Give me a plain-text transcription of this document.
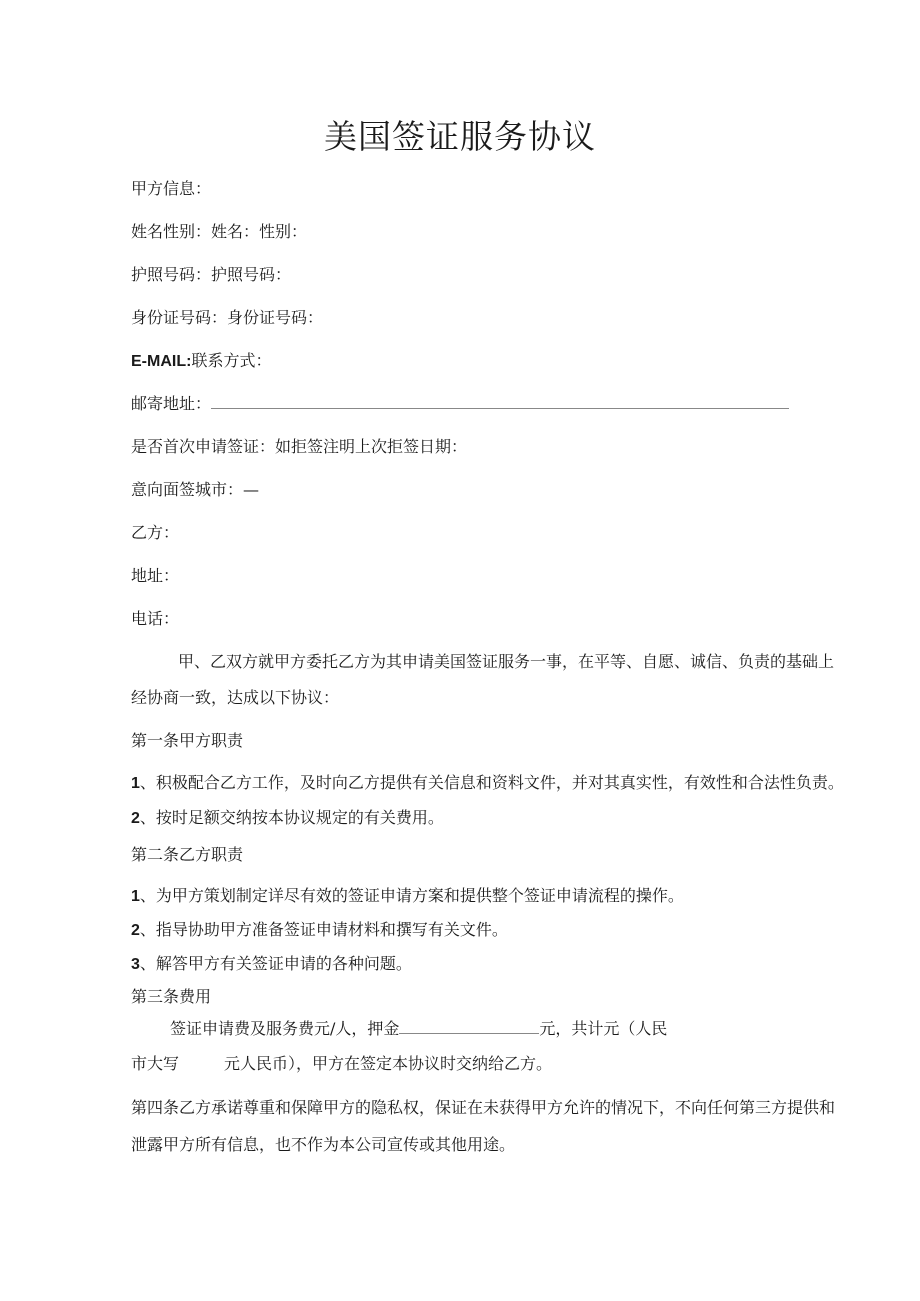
美国签证服务协议
甲方信息：
姓名性别：姓名：性别：
护照号码：护照号码：
身份证号码：身份证号码：
E-MAIL:联系方式：
邮寄地址：
是否首次申请签证：如拒签注明上次拒签日期：
意向面签城市：—
乙方：
地址：
电话：
甲、乙双方就甲方委托乙方为其申请美国签证服务一事，在平等、自愿、诚信、负责的基础上
经协商一致，达成以下协议：
第一条甲方职责
1、积极配合乙方工作，及时向乙方提供有关信息和资料文件，并对其真实性，有效性和合法性负责。
2、按时足额交纳按本协议规定的有关费用。
第二条乙方职责
1、为甲方策划制定详尽有效的签证申请方案和提供整个签证申请流程的操作。
2、指导协助甲方准备签证申请材料和撰写有关文件。
3、解答甲方有关签证申请的各种问题。
第三条费用
签证申请费及服务费元/人，押金	元，共计元（人民
市大写	元人民币），甲方在签定本协议时交纳给乙方。
第四条乙方承诺尊重和保障甲方的隐私权，保证在未获得甲方允许的情况下，不向任何第三方提供和
泄露甲方所有信息，也不作为本公司宣传或其他用途。
